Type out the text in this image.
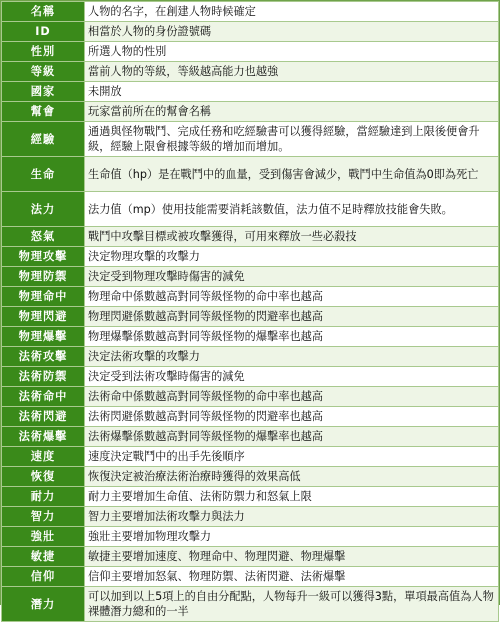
名稱	人物的名字，在創建人物時候確定
ID	相當於人物的身份證號碼
性別	所選人物的性別
等級	當前人物的等級，等級越高能力也越強
國家	未開放
幫會	玩家當前所在的幫會名稱
經驗	通過與怪物戰鬥、完成任務和吃經驗書可以獲得經驗，當經驗達到上限後便會升級，經驗上限會根據等級的增加而增加。
生命	生命值（hp）是在戰鬥中的血量，受到傷害會減少，戰鬥中生命值為0即為死亡
法力	法力值（mp）使用技能需要消耗該數值，法力值不足時釋放技能會失敗。
怒氣	戰鬥中攻擊目標或被攻擊獲得，可用來釋放一些必殺技
物理攻擊	決定物理攻擊的攻擊力
物理防禦	決定受到物理攻擊時傷害的減免
物理命中	物理命中係數越高對同等級怪物的命中率也越高
物理閃避	物理閃避係數越高對同等級怪物的閃避率也越高
物理爆擊	物理爆擊係數越高對同等級怪物的爆擊率也越高
法術攻擊	決定法術攻擊的攻擊力
法術防禦	決定受到法術攻擊時傷害的減免
法術命中	法術命中係數越高對同等級怪物的命中率也越高
法術閃避	法術閃避係數越高對同等級怪物的閃避率也越高
法術爆擊	法術爆擊係數越高對同等級怪物的爆擊率也越高
速度	速度決定戰鬥中的出手先後順序
恢復	恢復決定被治療法術治療時獲得的效果高低
耐力	耐力主要增加生命值、法術防禦力和怒氣上限
智力	智力主要增加法術攻擊力與法力
強壯	強壯主要增加物理攻擊力
敏捷	敏捷主要增加速度、物理命中、物理閃避、物理爆擊
信仰	信仰主要增加怒氣、物理防禦、法術閃避、法術爆擊
潛力	可以加到以上5項上的自由分配點，人物每升一級可以獲得3點，單項最高值為人物裸體潛力總和的一半
